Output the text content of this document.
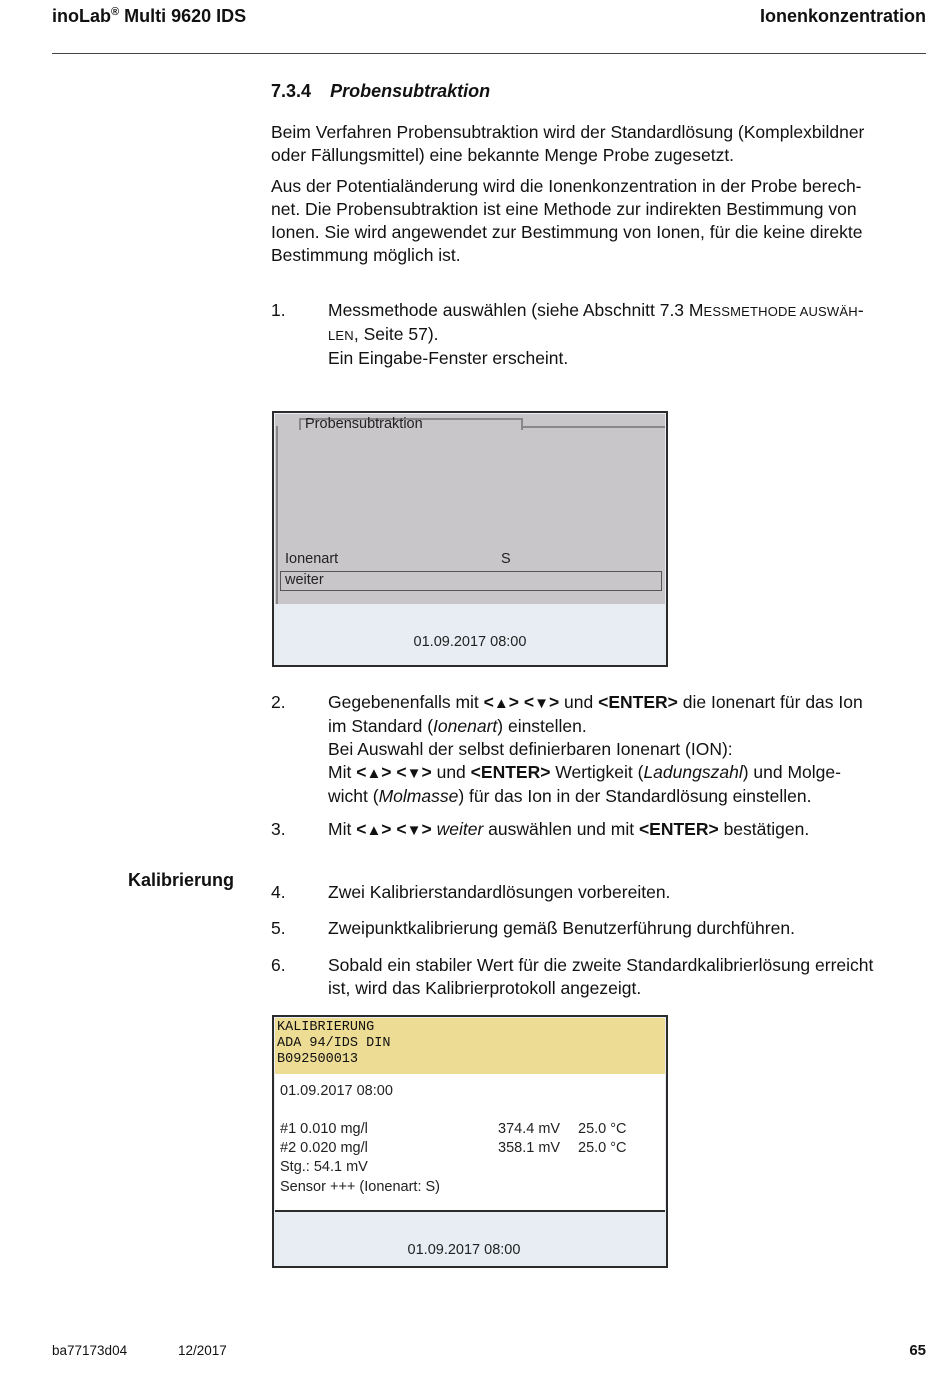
inoLab® Multi 9620 IDS	Ionenkonzentration
7.3.4 Probensubtraktion
Beim Verfahren Probensubtraktion wird der Standardlösung (Komplexbildner
oder Fällungsmittel) eine bekannte Menge Probe zugesetzt.
Aus der Potentialänderung wird die Ionenkonzentration in der Probe berech-
net. Die Probensubtraktion ist eine Methode zur indirekten Bestimmung von
Ionen. Sie wird angewendet zur Bestimmung von Ionen, für die keine direkte
Bestimmung möglich ist.
1. Messmethode auswählen (siehe Abschnitt 7.3 MESSMETHODE AUSWÄH-
LEN, Seite 57).
Ein Eingabe-Fenster erscheint.
Probensubtraktion
Ionenart	S
weiter
01.09.2017 08:00
2. Gegebenenfalls mit <▲> <▼> und <ENTER> die Ionenart für das Ion
im Standard (Ionenart) einstellen.
Bei Auswahl der selbst definierbaren Ionenart (ION):
Mit <▲> <▼> und <ENTER> Wertigkeit (Ladungszahl) und Molge-
wicht (Molmasse) für das Ion in der Standardlösung einstellen.
3. Mit <▲> <▼> weiter auswählen und mit <ENTER> bestätigen.
Kalibrierung
4. Zwei Kalibrierstandardlösungen vorbereiten.
5. Zweipunktkalibrierung gemäß Benutzerführung durchführen.
6. Sobald ein stabiler Wert für die zweite Standardkalibrierlösung erreicht
ist, wird das Kalibrierprotokoll angezeigt.
KALIBRIERUNG
ADA 94/IDS DIN
B092500013
01.09.2017 08:00
#1 0.010 mg/l	374.4 mV 25.0 °C
#2 0.020 mg/l	358.1 mV 25.0 °C
Stg.: 54.1 mV
Sensor +++ (Ionenart: S)
01.09.2017 08:00
ba77173d04	12/2017	65
